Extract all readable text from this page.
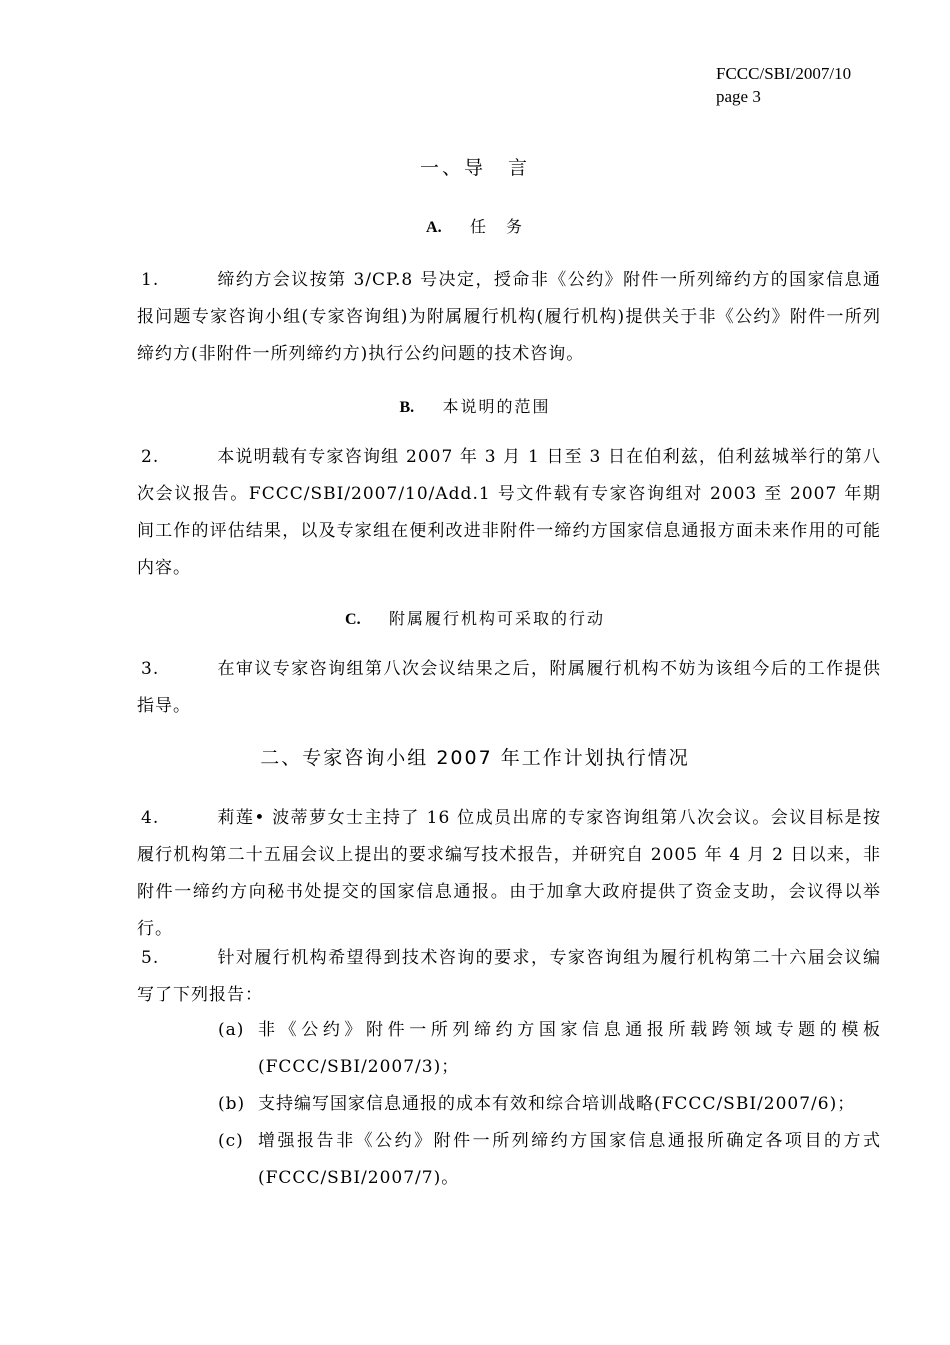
FCCC/SBI/2007/10
page 3
一、导　言
A. 任　务
1.	缔约方会议按第 3/CP.8 号决定，授命非《公约》附件一所列缔约方的国家信息通报问题专家咨询小组(专家咨询组)为附属履行机构(履行机构)提供关于非《公约》附件一所列缔约方(非附件一所列缔约方)执行公约问题的技术咨询。
B. 本说明的范围
2.	本说明载有专家咨询组 2007 年 3 月 1 日至 3 日在伯利兹，伯利兹城举行的第八次会议报告。FCCC/SBI/2007/10/Add.1 号文件载有专家咨询组对 2003 至 2007 年期间工作的评估结果，以及专家组在便利改进非附件一缔约方国家信息通报方面未来作用的可能内容。
C. 附属履行机构可采取的行动
3.	在审议专家咨询组第八次会议结果之后，附属履行机构不妨为该组今后的工作提供指导。
二、专家咨询小组 2007 年工作计划执行情况
4.	莉莲• 波蒂萝女士主持了 16 位成员出席的专家咨询组第八次会议。会议目标是按履行机构第二十五届会议上提出的要求编写技术报告，并研究自 2005 年 4 月 2 日以来，非附件一缔约方向秘书处提交的国家信息通报。由于加拿大政府提供了资金支助，会议得以举行。
5.	针对履行机构希望得到技术咨询的要求，专家咨询组为履行机构第二十六届会议编写了下列报告：
(a) 非《公约》附件一所列缔约方国家信息通报所载跨领域专题的模板(FCCC/SBI/2007/3)；
(b) 支持编写国家信息通报的成本有效和综合培训战略(FCCC/SBI/2007/6)；
(c) 增强报告非《公约》附件一所列缔约方国家信息通报所确定各项目的方式(FCCC/SBI/2007/7)。
